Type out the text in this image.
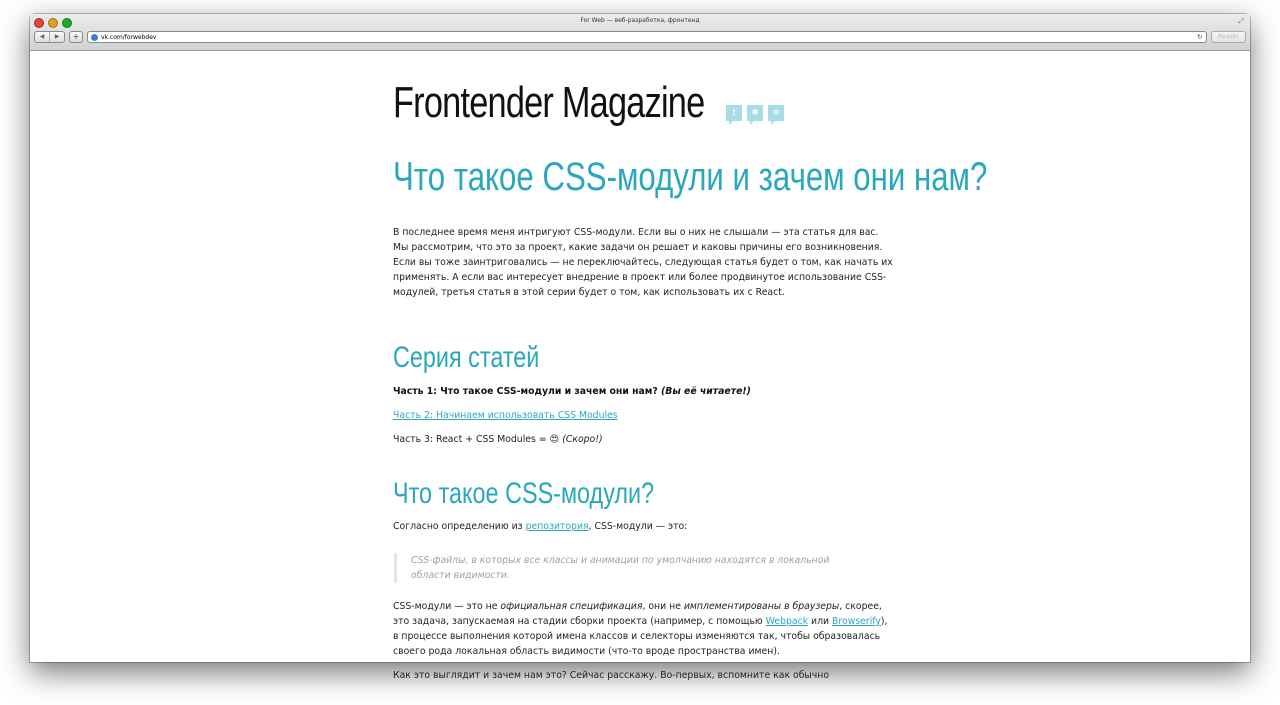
For Web — веб-разработка, фронтенд	⤢
◀	▶	+	vk.com/forwebdev	↻	Reader
Frontender Magazine	t	✱	≋
Что такое CSS-модули и зачем они нам?

В последнее время меня интригуют CSS-модули. Если вы о них не слышали — эта статья для вас. Мы рассмотрим, что это за проект, какие задачи он решает и каковы причины его возникновения. Если вы тоже заинтриговались — не переключайтесь, следующая статья будет о том, как начать их применять. А если вас интересует внедрение в проект или более продвинутое использование CSS-модулей, третья статья в этой серии будет о том, как использовать их с React.

Серия статей

Часть 1: Что такое CSS-модули и зачем они нам? (Вы её читаете!)

Часть 2: Начинаем использовать CSS Modules

Часть 3: React + CSS Modules = 😍 (Скоро!)

Что такое CSS-модули?

Согласно определению из репозитория, CSS-модули — это:

CSS-файлы, в которых все классы и анимации по умолчанию находятся в локальной области видимости.

CSS-модули — это не официальная спецификация, они не имплементированы в браузеры, скорее, это задача, запускаемая на стадии сборки проекта (например, с помощью Webpack или Browserify), в процессе выполнения которой имена классов и селекторы изменяются так, чтобы образовалась своего рода локальная область видимости (что-то вроде пространства имен).

Как это выглядит и зачем нам это? Сейчас расскажу. Во-первых, вспомните как обычно
